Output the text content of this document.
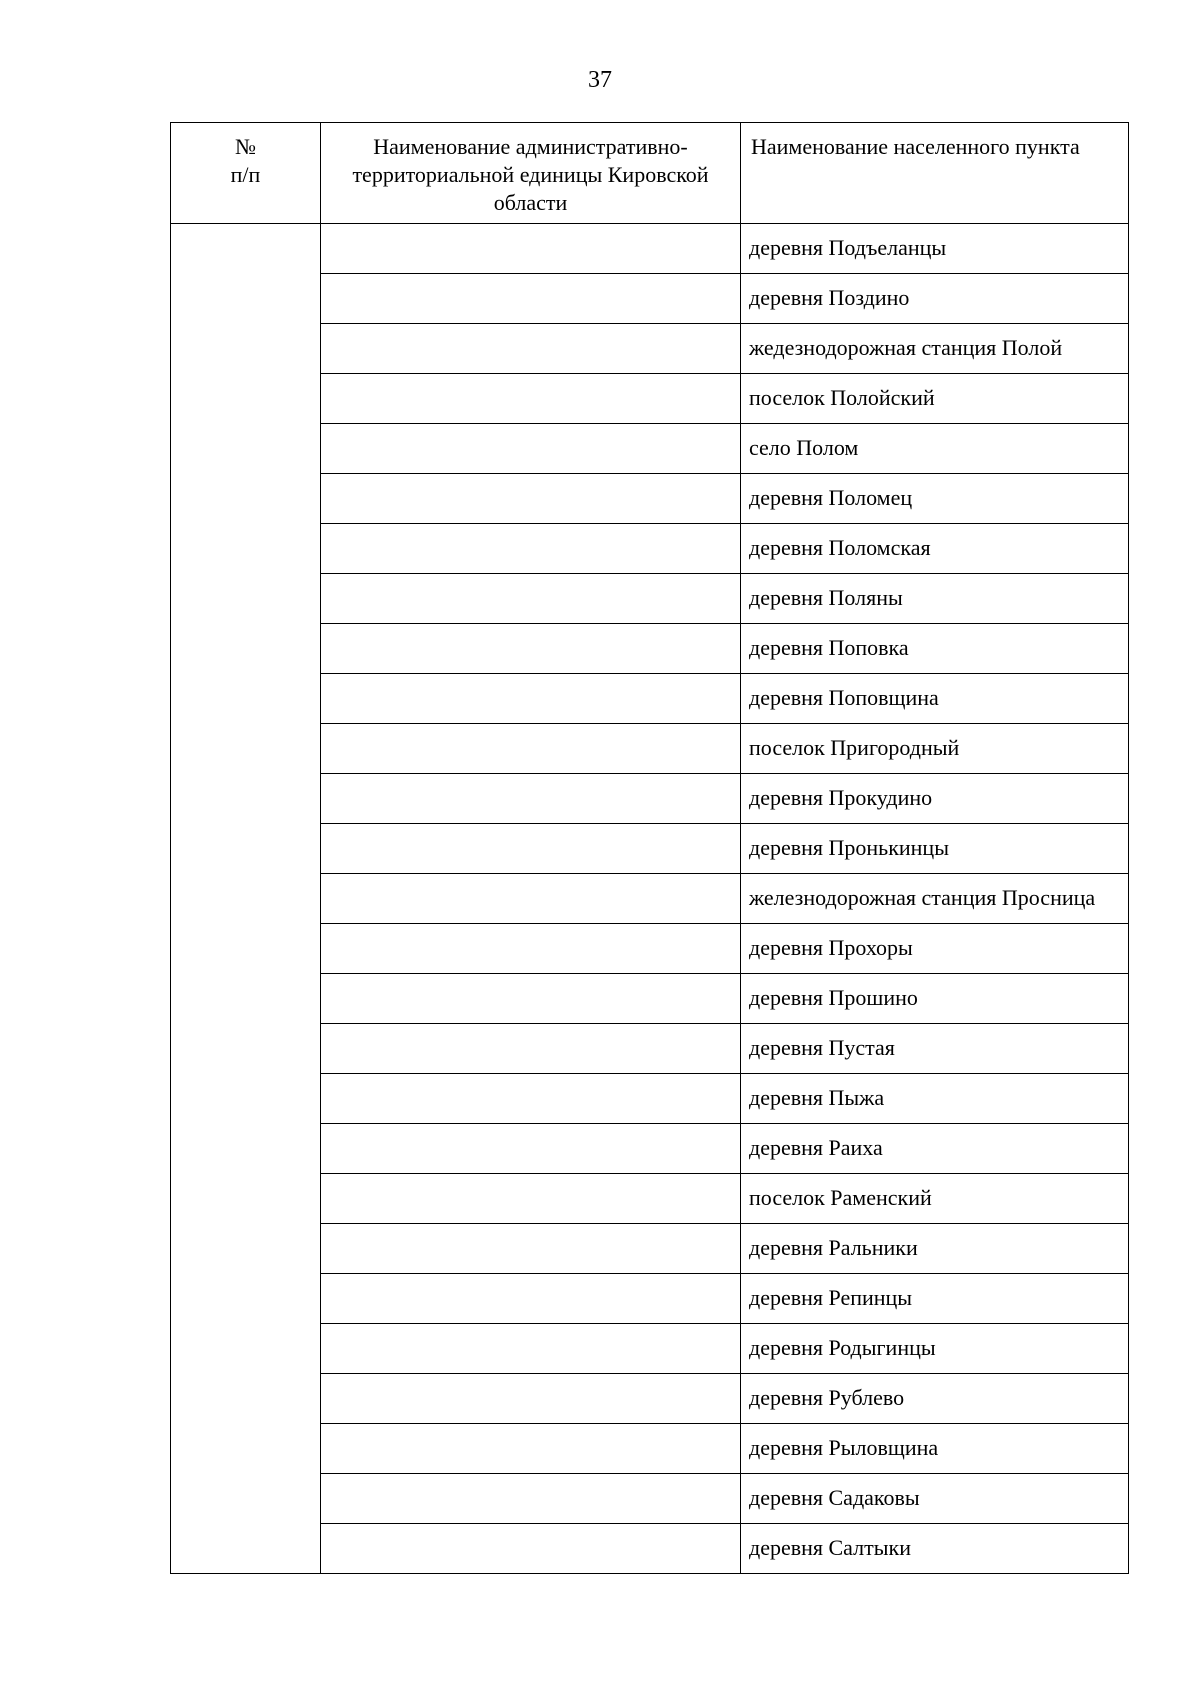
37
№
п/п	Наименование административно-территориальной единицы Кировской области	Наименование населенного пункта
		деревня Подъеланцы
		деревня Поздино
		жедезнодорожная станция Полой
		поселок Полойский
		село Полом
		деревня Поломец
		деревня Поломская
		деревня Поляны
		деревня Поповка
		деревня Поповщина
		поселок Пригородный
		деревня Прокудино
		деревня Пронькинцы
		железнодорожная станция Просница
		деревня Прохоры
		деревня Прошино
		деревня Пустая
		деревня Пыжа
		деревня Раиха
		поселок Раменский
		деревня Ральники
		деревня Репинцы
		деревня Родыгинцы
		деревня Рублево
		деревня Рыловщина
		деревня Садаковы
		деревня Салтыки
